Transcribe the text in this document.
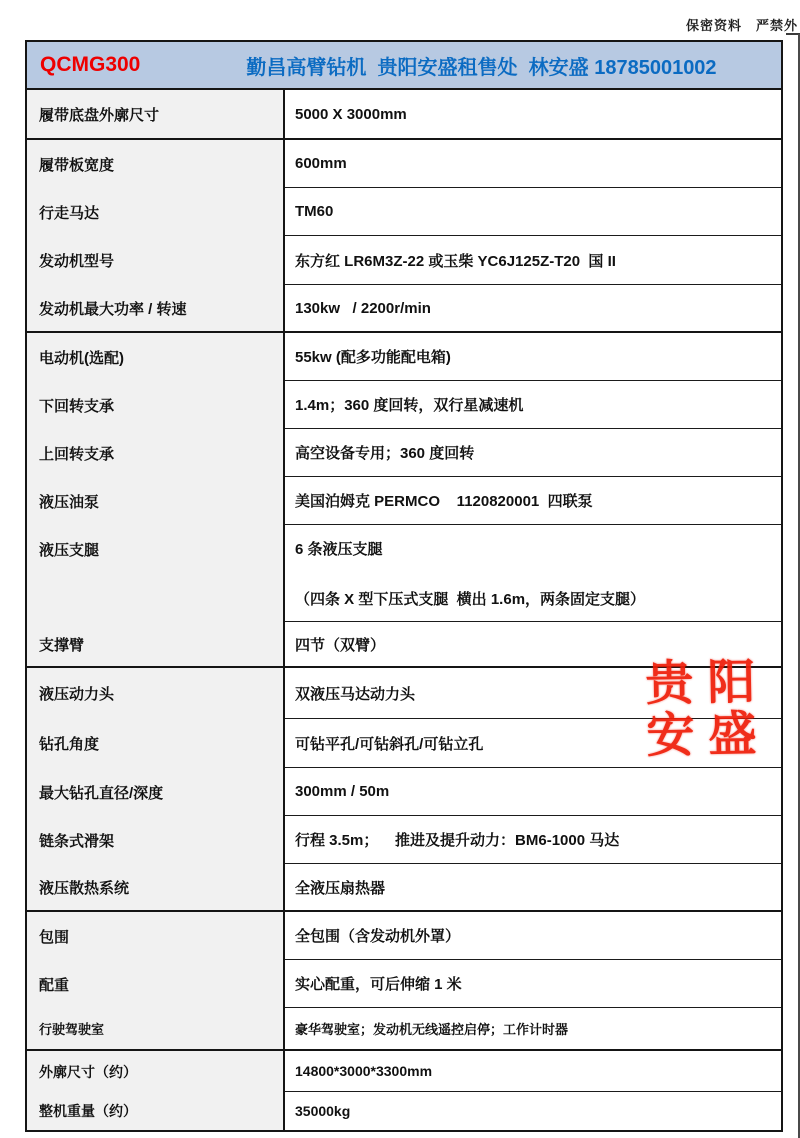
保密资料　严禁外
QCMG300	勤昌高臂钻机  贵阳安盛租售处  林安盛 18785001002
履带底盘外廓尺寸	5000 X 3000mm
履带板宽度
行走马达
发动机型号
发动机最大功率 / 转速
600mm
TM60
东方红 LR6M3Z-22 或玉柴 YC6J125Z-T20  国 II
130kw   / 2200r/min
电动机(选配)
下回转支承
上回转支承
液压油泵
液压支腿
支撑臂
55kw (配多功能配电箱)
1.4m；360 度回转，双行星减速机
高空设备专用；360 度回转
美国泊姆克 PERMCO    1120820001  四联泵
6 条液压支腿
（四条 X 型下压式支腿  横出 1.6m，两条固定支腿）
四节（双臂）
液压动力头
钻孔角度
最大钻孔直径/深度
链条式滑架
液压散热系统
双液压马达动力头
可钻平孔/可钻斜孔/可钻立孔
300mm / 50m
行程 3.5m；    推进及提升动力：BM6-1000 马达
全液压扇热器
包围
配重
行驶驾驶室
全包围（含发动机外罩）
实心配重，可后伸缩 1 米
豪华驾驶室；发动机无线遥控启停；工作计时器
外廓尺寸（约）
整机重量（约）
14800*3000*3300mm
35000kg
贵 阳
安 盛
